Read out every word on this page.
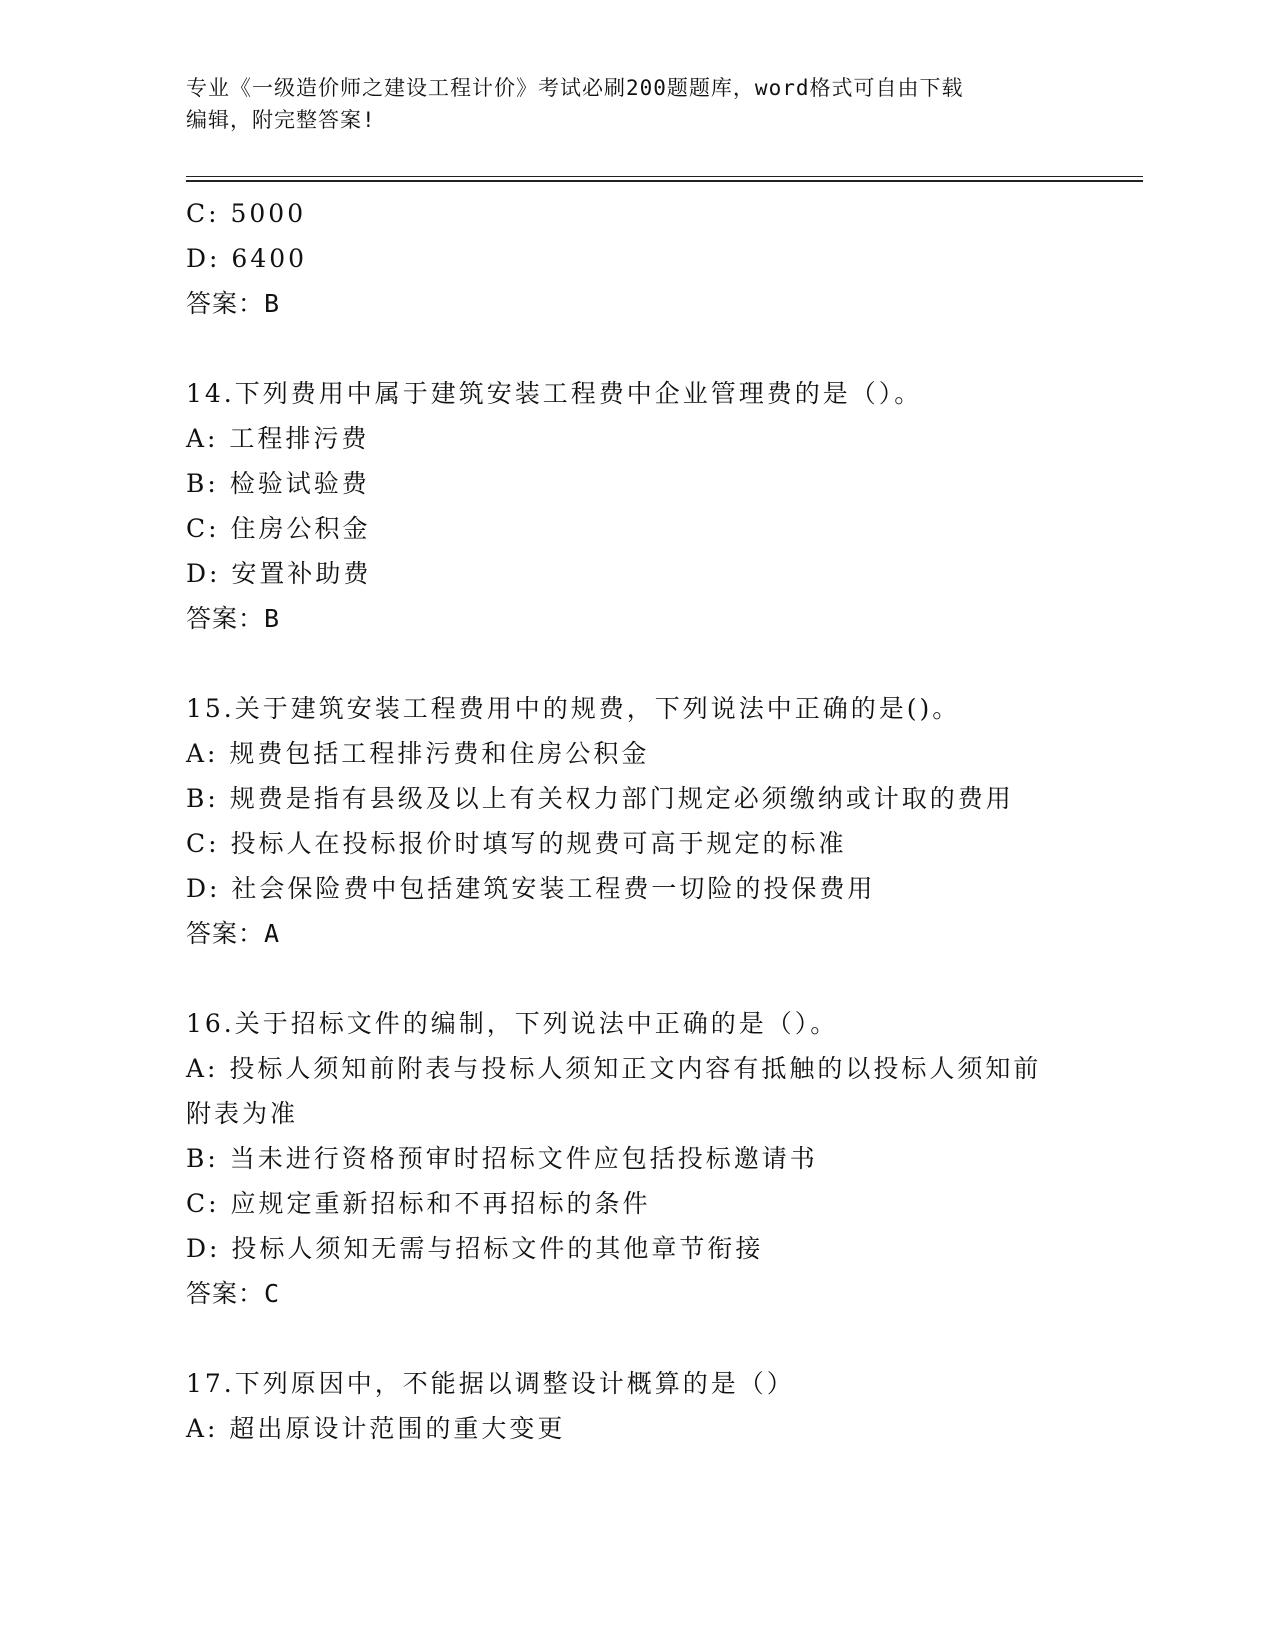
专业《一级造价师之建设工程计价》考试必刷200题题库，word格式可自由下载
编辑，附完整答案!
C: 5000
D: 6400
答案：B
14.下列费用中属于建筑安装工程费中企业管理费的是（）。
A: 工程排污费
B: 检验试验费
C: 住房公积金
D: 安置补助费
答案：B
15.关于建筑安装工程费用中的规费，下列说法中正确的是()。
A: 规费包括工程排污费和住房公积金
B: 规费是指有县级及以上有关权力部门规定必须缴纳或计取的费用
C: 投标人在投标报价时填写的规费可高于规定的标准
D: 社会保险费中包括建筑安装工程费一切险的投保费用
答案：A
16.关于招标文件的编制，下列说法中正确的是（）。
A: 投标人须知前附表与投标人须知正文内容有抵触的以投标人须知前
附表为准
B: 当未进行资格预审时招标文件应包括投标邀请书
C: 应规定重新招标和不再招标的条件
D: 投标人须知无需与招标文件的其他章节衔接
答案：C
17.下列原因中，不能据以调整设计概算的是（）
A: 超出原设计范围的重大变更
